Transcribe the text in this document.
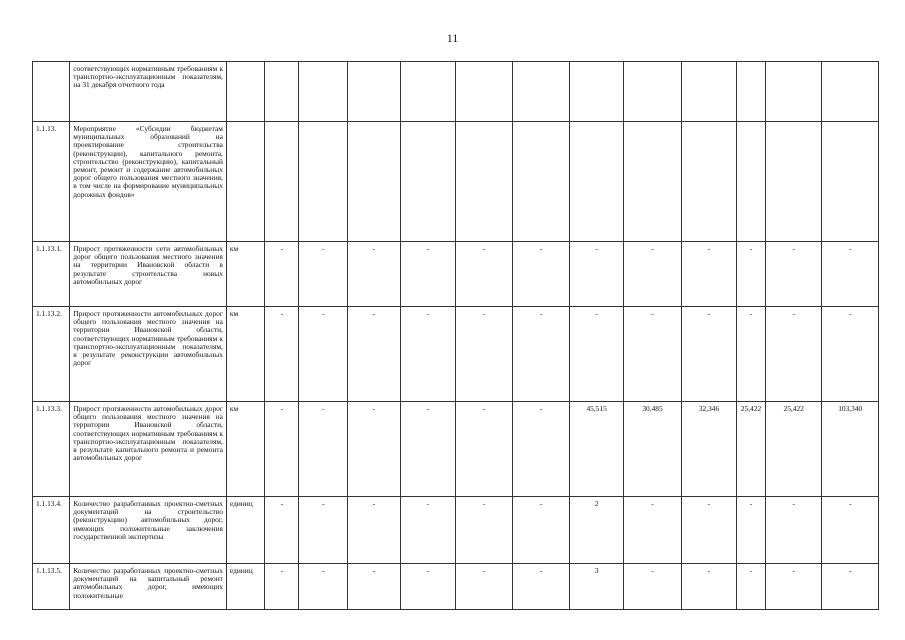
11
	соответствующих нормативным требованиям к транспортно-эксплуатационным показателям, на 31 декабря отчетного года													
1.1.13.	Мероприятие «Субсидии бюджетам муниципальных образований на проектирование строительства (реконструкции), капитального ремонта, строительство (реконструкцию), капитальный ремонт, ремонт и содержание автомобильных дорог общего пользования местного значения, в том числе на формирование муниципальных дорожных фондов»													
1.1.13.1.	Прирост протяженности сети автомобильных дорог общего пользования местного значения на территории Ивановской области в результате строительства новых автомобильных дорог	км	-	-	-	-	-	-	-	-	-	-	-	-
1.1.13.2.	Прирост протяженности автомобильных дорог общего пользования местного значения на территории Ивановской области, соответствующих нормативным требованиям к транспортно-эксплуатационным показателям, в результате реконструкции автомобильных дорог	км	-	-	-	-	-	-	-	-	-	-	-	-
1.1.13.3.	Прирост протяженности автомобильных дорог общего пользования местного значения на территории Ивановской области, соответствующих нормативным требованиям к транспортно-эксплуатационным показателям, в результате капитального ремонта и ремонта автомобильных дорог	км	-	-	-	-	-	-	45,515	30,485	32,346	25,422	25,422	103,340
1.1.13.4.	Количество разработанных проектно-сметных документаций на строительство (реконструкцию) автомобильных дорог, имеющих положительные заключения государственной экспертизы	единиц	-	-	-	-	-	-	2	-	-	-	-	-
1.1.13.5.	Количество разработанных проектно-сметных документаций на капитальный ремонт автомобильных дорог, имеющих положительные	единиц	-	-	-	-	-	-	3	-	-	-	-	-
